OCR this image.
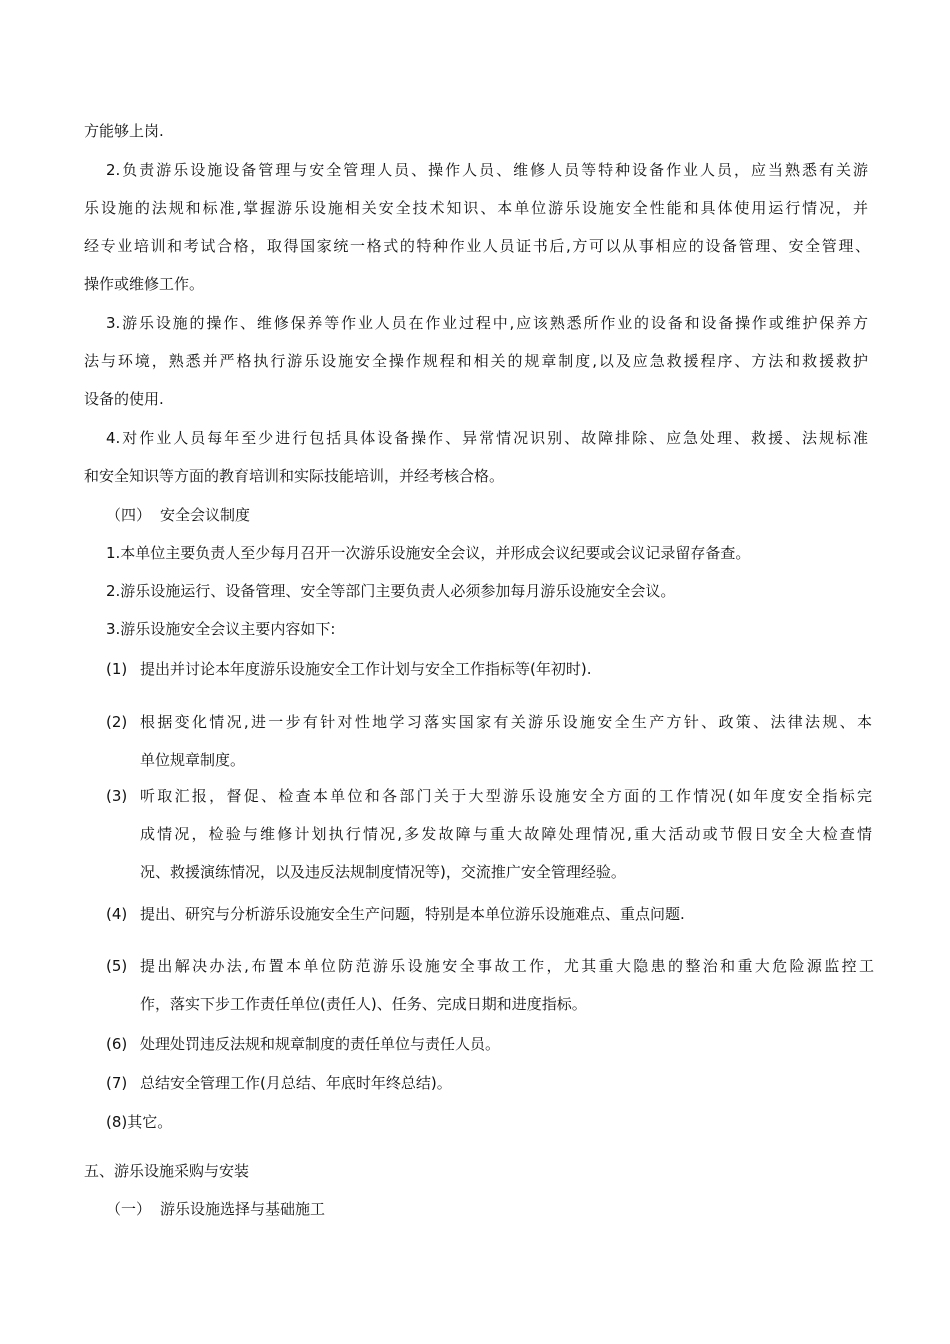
方能够上岗.
2.负责游乐设施设备管理与安全管理人员、操作人员、维修人员等特种设备作业人员，应当熟悉有关游
乐设施的法规和标准,掌握游乐设施相关安全技术知识、本单位游乐设施安全性能和具体使用运行情况，并
经专业培训和考试合格，取得国家统一格式的特种作业人员证书后,方可以从事相应的设备管理、安全管理、
操作或维修工作。
3.游乐设施的操作、维修保养等作业人员在作业过程中,应该熟悉所作业的设备和设备操作或维护保养方
法与环境，熟悉并严格执行游乐设施安全操作规程和相关的规章制度,以及应急救援程序、方法和救援救护
设备的使用.
4.对作业人员每年至少进行包括具体设备操作、异常情况识别、故障排除、应急处理、救援、法规标准
和安全知识等方面的教育培训和实际技能培训，并经考核合格。
（四） 安全会议制度
1.本单位主要负责人至少每月召开一次游乐设施安全会议，并形成会议纪要或会议记录留存备查。
2.游乐设施运行、设备管理、安全等部门主要负责人必须参加每月游乐设施安全会议。
3.游乐设施安全会议主要内容如下:
(1) 提出并讨论本年度游乐设施安全工作计划与安全工作指标等(年初时).
(2) 根据变化情况,进一步有针对性地学习落实国家有关游乐设施安全生产方针、政策、法律法规、本
单位规章制度。
(3) 听取汇报，督促、检查本单位和各部门关于大型游乐设施安全方面的工作情况(如年度安全指标完
成情况，检验与维修计划执行情况,多发故障与重大故障处理情况,重大活动或节假日安全大检查情
况、救援演练情况，以及违反法规制度情况等)，交流推广安全管理经验。
(4) 提出、研究与分析游乐设施安全生产问题，特别是本单位游乐设施难点、重点问题.
(5) 提出解决办法,布置本单位防范游乐设施安全事故工作，尤其重大隐患的整治和重大危险源监控工
作，落实下步工作责任单位(责任人)、任务、完成日期和进度指标。
(6) 处理处罚违反法规和规章制度的责任单位与责任人员。
(7) 总结安全管理工作(月总结、年底时年终总结)。
(8)其它。
五、游乐设施采购与安装
（一） 游乐设施选择与基础施工
